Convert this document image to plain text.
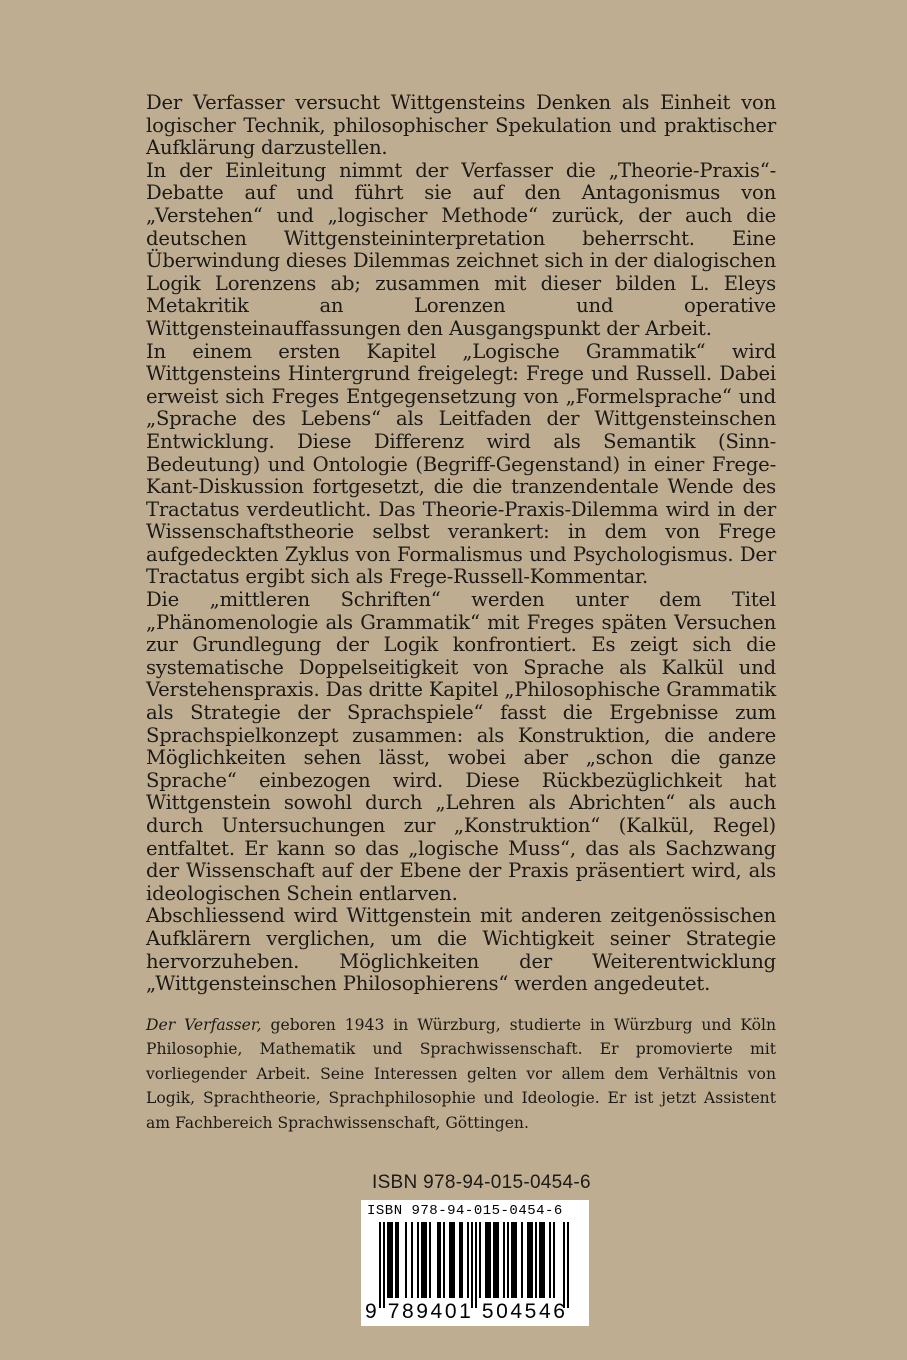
Der Verfasser versucht Wittgensteins Denken als Einheit von logischer Technik, philosophischer Spekulation und praktischer Aufklärung darzustellen.

In der Einleitung nimmt der Verfasser die „Theorie-Praxis“-Debatte auf und führt sie auf den Antagonismus von „Verstehen“ und „logischer Methode“ zurück, der auch die deutschen Wittgensteininterpretation beherrscht. Eine Überwindung dieses Dilemmas zeichnet sich in der dialogischen Logik Lorenzens ab; zusammen mit dieser bilden L. Eleys Metakritik an Lorenzen und operative Wittgensteinauffassungen den Ausgangspunkt der Arbeit.

In einem ersten Kapitel „Logische Grammatik“ wird Wittgensteins Hintergrund freigelegt: Frege und Russell. Dabei erweist sich Freges Entgegensetzung von „Formelsprache“ und „Sprache des Lebens“ als Leitfaden der Wittgensteinschen Entwicklung. Diese Differenz wird als Semantik (Sinn-Bedeutung) und Ontologie (Begriff-Gegenstand) in einer Frege-Kant-Diskussion fortgesetzt, die die tranzendentale Wende des Tractatus verdeutlicht. Das Theorie-Praxis-Dilemma wird in der Wissenschaftstheorie selbst verankert: in dem von Frege aufgedeckten Zyklus von Formalismus und Psychologismus. Der Tractatus ergibt sich als Frege-Russell-Kommentar.

Die „mittleren Schriften“ werden unter dem Titel „Phänomenologie als Grammatik“ mit Freges späten Versuchen zur Grundlegung der Logik konfrontiert. Es zeigt sich die systematische Doppelseitigkeit von Sprache als Kalkül und Verstehenspraxis. Das dritte Kapitel „Philosophische Grammatik als Strategie der Sprachspiele“ fasst die Ergebnisse zum Sprachspielkonzept zusammen: als Konstruktion, die andere Möglichkeiten sehen lässt, wobei aber „schon die ganze Sprache“ einbezogen wird. Diese Rückbezüglichkeit hat Wittgenstein sowohl durch „Lehren als Abrichten“ als auch durch Untersuchungen zur „Konstruktion“ (Kalkül, Regel) entfaltet. Er kann so das „logische Muss“, das als Sachzwang der Wissenschaft auf der Ebene der Praxis präsentiert wird, als ideologischen Schein entlarven.

Abschliessend wird Wittgenstein mit anderen zeitgenössischen Aufklärern verglichen, um die Wichtigkeit seiner Strategie hervorzuheben. Möglichkeiten der Weiterentwicklung „Wittgensteinschen Philosophierens“ werden angedeutet.

Der Verfasser, geboren 1943 in Würzburg, studierte in Würzburg und Köln Philosophie, Mathematik und Sprachwissenschaft. Er promovierte mit vorliegender Arbeit. Seine Interessen gelten vor allem dem Verhältnis von Logik, Sprachtheorie, Sprachphilosophie und Ideologie. Er ist jetzt Assistent am Fachbereich Sprachwissenschaft, Göttingen.

ISBN 978-94-015-0454-6
ISBN 978-94-015-0454-6
9 789401 504546
